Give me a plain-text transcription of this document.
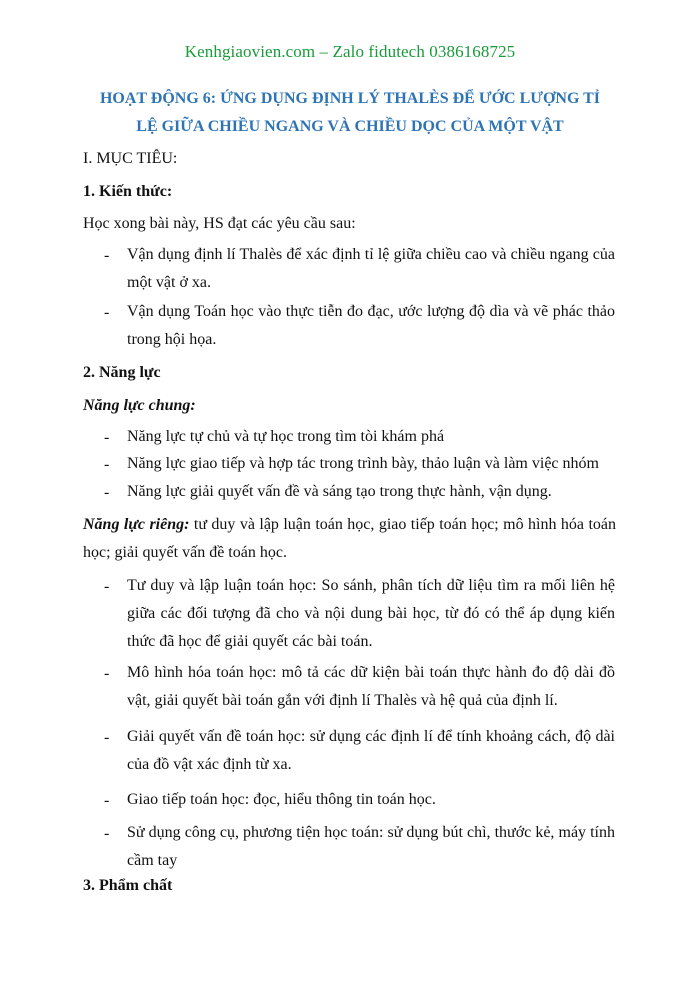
Kenhgiaovien.com – Zalo fidutech 0386168725
HOẠT ĐỘNG 6: ỨNG DỤNG ĐỊNH LÝ THALÈS ĐỂ ƯỚC LƯỢNG TỈ
LỆ GIỮA CHIỀU NGANG VÀ CHIỀU DỌC CỦA MỘT VẬT
I. MỤC TIÊU:
1. Kiến thức:
Học xong bài này, HS đạt các yêu cầu sau:
- Vận dụng định lí Thalès để xác định tỉ lệ giữa chiều cao và chiều ngang của một vật ở xa.
- Vận dụng Toán học vào thực tiễn đo đạc, ước lượng độ dìa và vẽ phác thảo trong hội họa.
2. Năng lực
Năng lực chung:
- Năng lực tự chủ và tự học trong tìm tòi khám phá
- Năng lực giao tiếp và hợp tác trong trình bày, thảo luận và làm việc nhóm
- Năng lực giải quyết vấn đề và sáng tạo trong thực hành, vận dụng.
Năng lực riêng: tư duy và lập luận toán học, giao tiếp toán học; mô hình hóa toán học; giải quyết vấn đề toán học.
- Tư duy và lập luận toán học: So sánh, phân tích dữ liệu tìm ra mối liên hệ giữa các đối tượng đã cho và nội dung bài học, từ đó có thể áp dụng kiến thức đã học để giải quyết các bài toán.
- Mô hình hóa toán học: mô tả các dữ kiện bài toán thực hành đo độ dài đồ vật, giải quyết bài toán gắn với định lí Thalès và hệ quả của định lí.
- Giải quyết vấn đề toán học: sử dụng các định lí để tính khoảng cách, độ dài của đồ vật xác định từ xa.
- Giao tiếp toán học: đọc, hiểu thông tin toán học.
- Sử dụng công cụ, phương tiện học toán: sử dụng bút chì, thước kẻ, máy tính cầm tay
3. Phẩm chất
